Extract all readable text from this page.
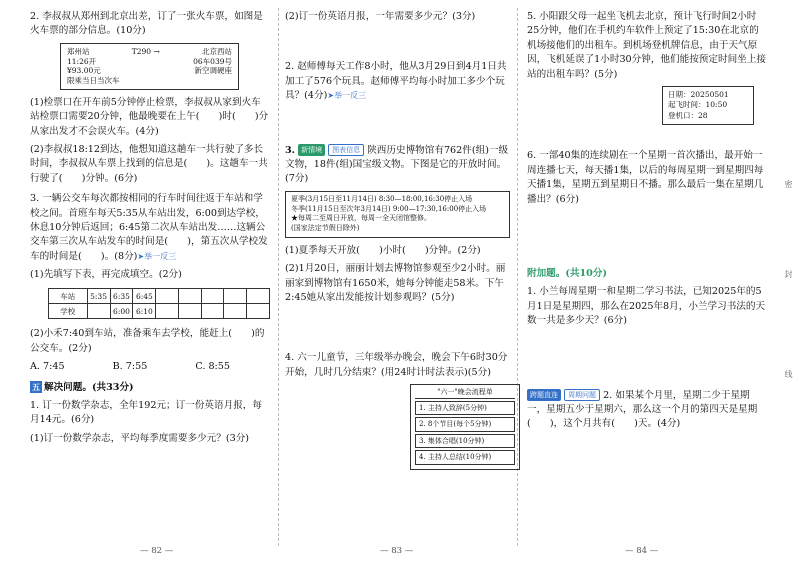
2. 李叔叔从郑州到北京出差，订了一张火车票，如图是火车票的部分信息。(10分)

郑州站	T290 →	北京西站
11:26开	06车039号
¥93.00元	新空调硬座
限乘当日当次车

(1)检票口在开车前5分钟停止检票，李叔叔从家到火车站检票口需要20分钟，他最晚要在上午(　　)时(　　)分从家出发才不会误火车。(4分)

(2)李叔叔18:12到达，他想知道这趟车一共行驶了多长时间，李叔叔从车票上找到的信息是(　　)。这趟车一共行驶了(　　)分钟。(6分)

3. 一辆公交车每次都按相同的行车时间往返于车站和学校之间。首班车每天5:35从车站出发，6:00到达学校，休息10分钟后返回；6:45第二次从车站出发……这辆公交车第三次从车站发车的时间是(　　)，第五次从学校发车的时间是(　　)。(8分)➤举一反三

(1)先填写下表，再完成填空。(2分)

车站	5:35	6:35	6:45					
学校		6:00	6:10					

(2)小禾7:40到车站，准备乘车去学校，能赶上(　　)的公交车。(2分)

A. 7:45	B. 7:55	C. 8:55

五 解决问题。(共33分)

1. 订一份数学杂志，全年192元；订一份英语月报，每月14元。(6分)

(1)订一份数学杂志，平均每季度需要多少元？(3分)

— 82 —

(2)订一份英语月报，一年需要多少元？(3分)

2. 赵师傅每天工作8小时，他从3月29日到4月1日共加工了576个玩具。赵师傅平均每小时加工多少个玩具？(4分)➤举一反三

3. 新情境 图表信息 陕西历史博物馆有762件(组)一级文物，18件(组)国宝级文物。下图是它的开放时间。(7分)

夏季(3月15日至11月14日) 8:30—18:00,16:30停止入场
冬季(11月15日至次年3月14日) 9:00—17:30,16:00停止入场
★每周二至周日开放，每周一全天闭馆整修。
(国家法定节假日除外)

(1)夏季每天开放(　　)小时(　　)分钟。(2分)

(2)1月20日，丽丽计划去博物馆参观至少2小时。丽丽家到博物馆有1650米，她每分钟能走58米。下午2:45她从家出发能按计划参观吗？(5分)

4. 六一儿童节，三年级举办晚会，晚会下午6时30分开始，几时几分结束？(用24时计时法表示)(5分)

"六一"晚会流程单
1. 主持人致辞(5分钟)
2. 8个节目(每个5分钟)
3. 集体合唱(10分钟)
4. 主持人总结(10分钟)
— 83 —

5. 小阳跟父母一起坐飞机去北京，预计飞行时间2小时25分钟，他们在手机约车软件上预定了15:30在北京的机场接他们的出租车。到机场登机牌信息，由于天气原因，飞机延误了1小时30分钟，他们能按预定时间坐上接站的出租车吗？(5分)

日期：20250501
起飞时间：10:50
登机口：28

6. 一部40集的连续剧在一个星期一首次播出，最开始一周连播七天，每天播1集，以后的每周星期一到星期四每天播1集，星期五到星期日不播。那么最后一集在星期几播出？(6分)

附加题。(共10分)

1. 小兰每周星期一和星期二学习书法，已知2025年的5月1日是星期四，那么在2025年8月，小兰学习书法的天数一共是多少天？(6分)

跨题直连 周期问题 2. 如果某个月里，星期二少于星期一，星期五少于星期六，那么这一个月的第四天是星期(　　)，这个月共有(　　)天。(4分)

— 84 —
密
封
线
